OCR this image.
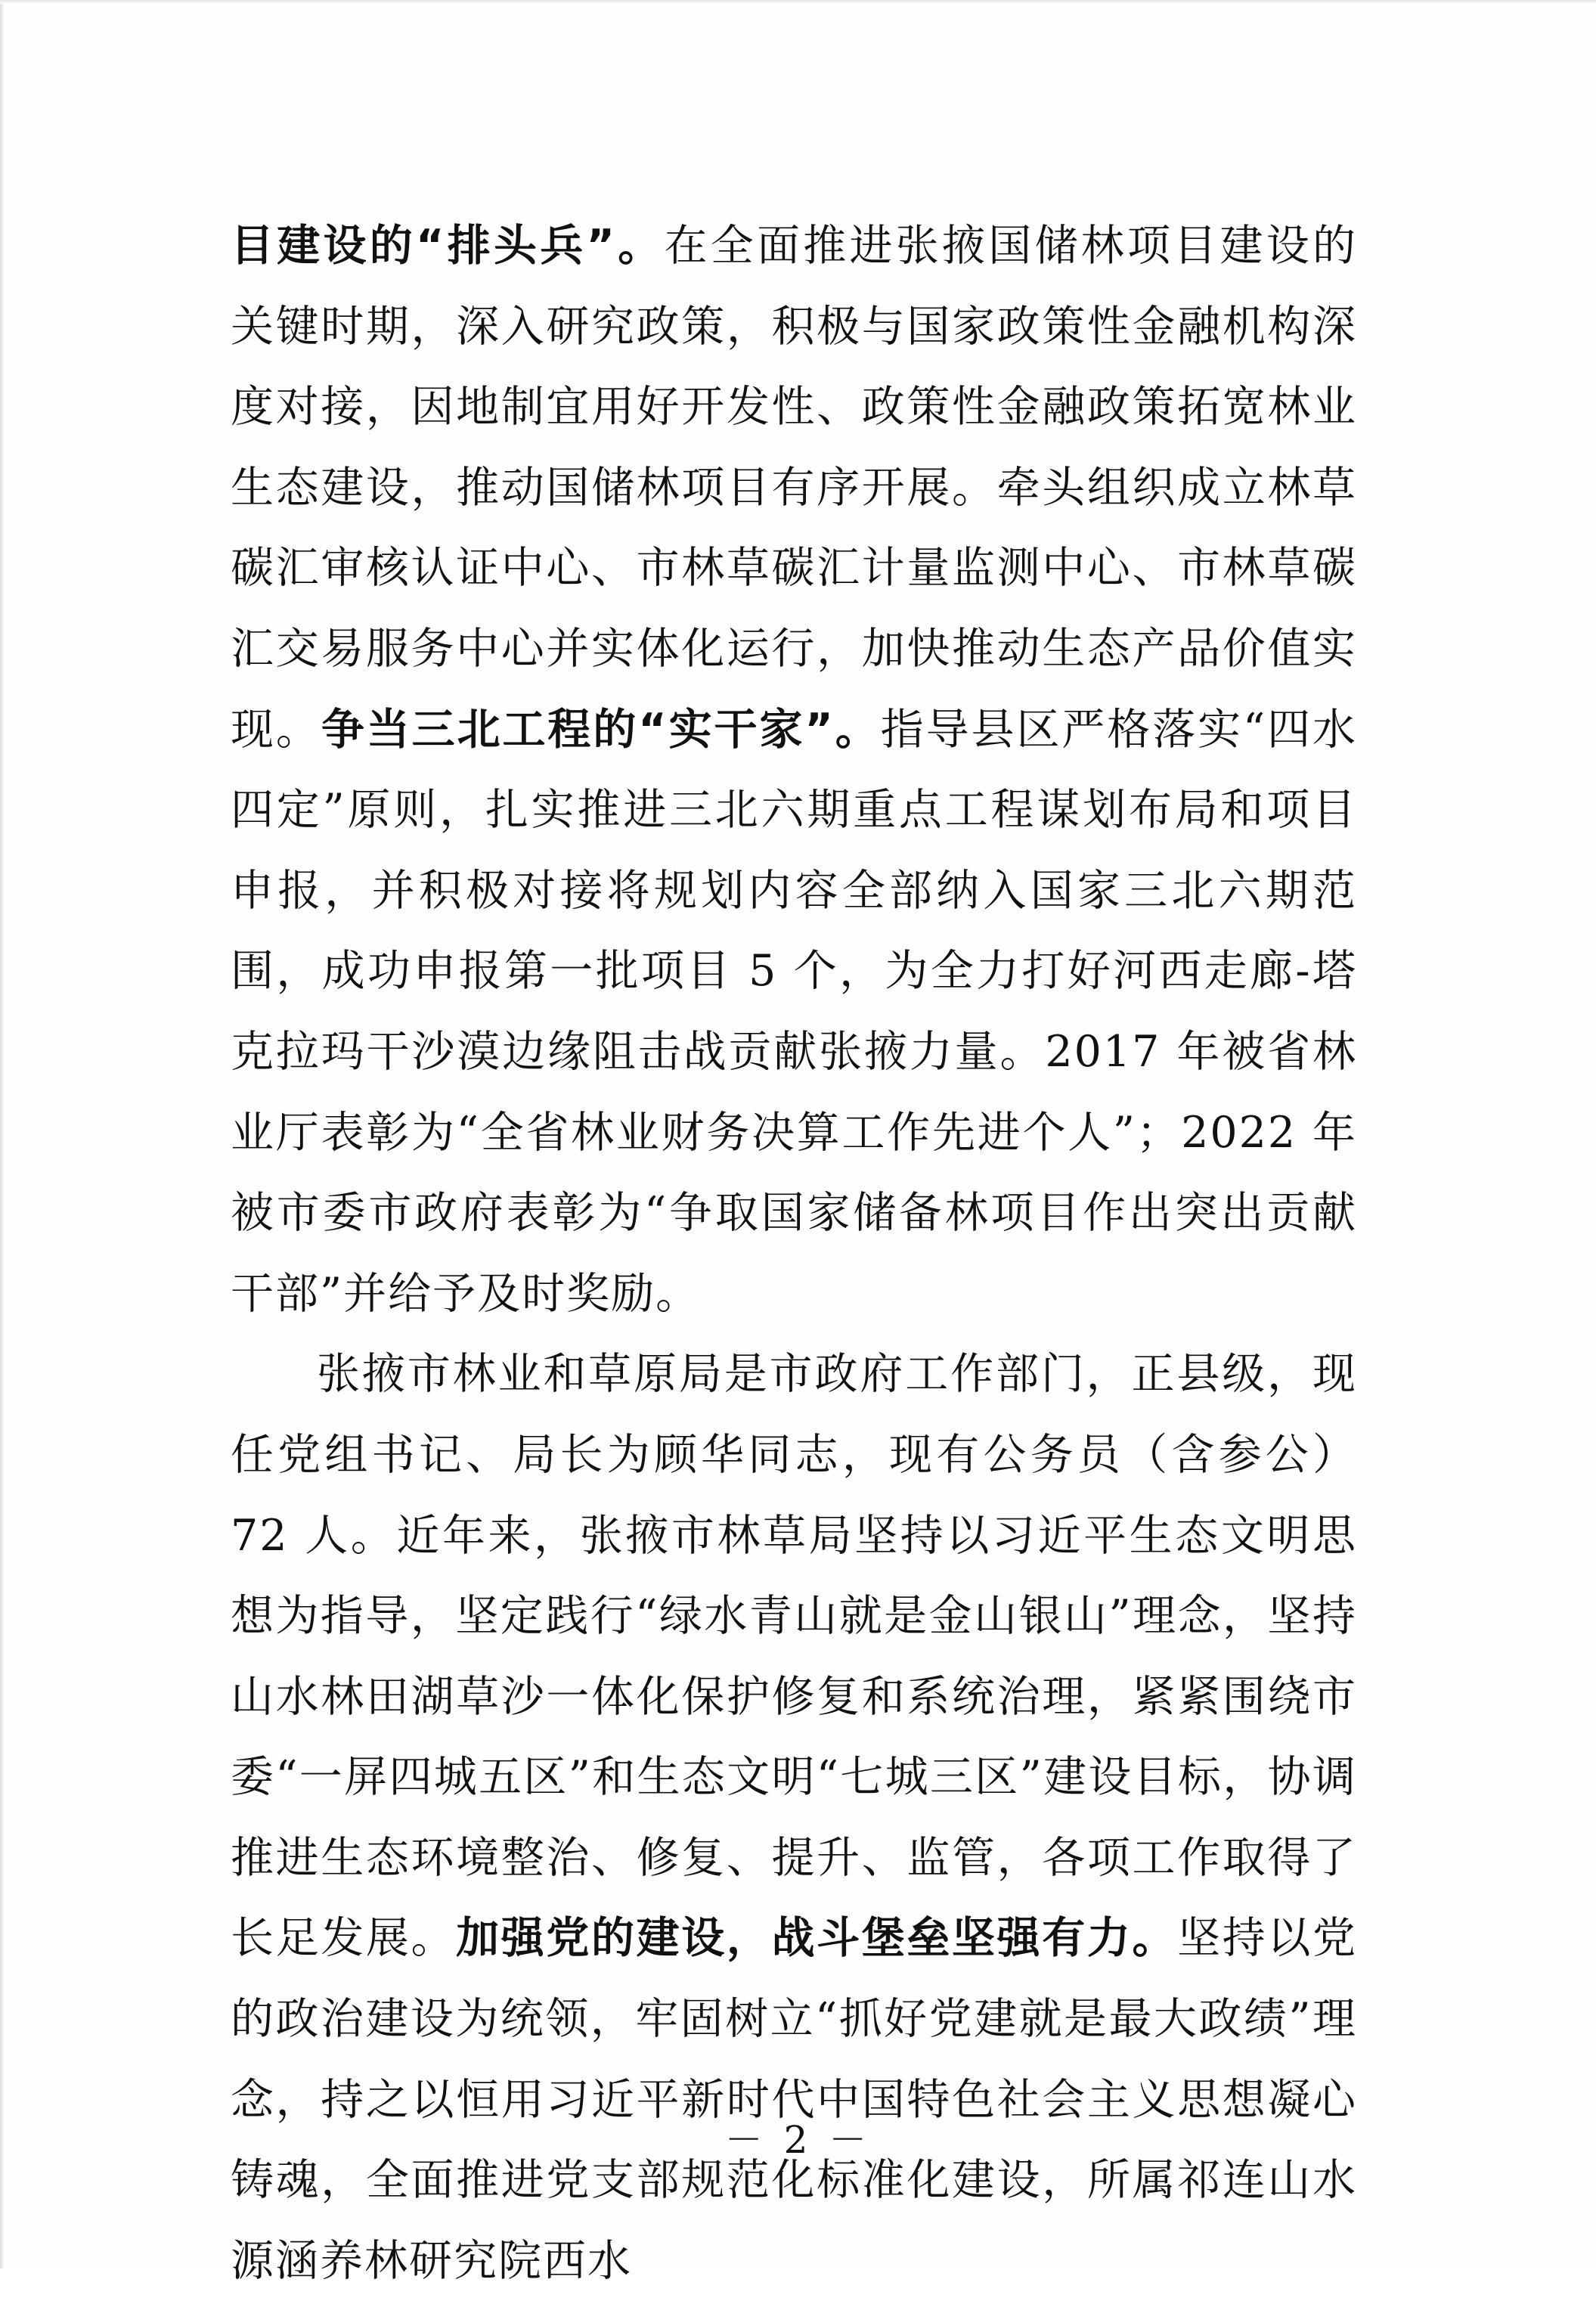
目建设的“排头兵”。在全面推进张掖国储林项目建设的关键时期，深入研究政策，积极与国家政策性金融机构深度对接，因地制宜用好开发性、政策性金融政策拓宽林业生态建设，推动国储林项目有序开展。牵头组织成立林草碳汇审核认证中心、市林草碳汇计量监测中心、市林草碳汇交易服务中心并实体化运行，加快推动生态产品价值实现。争当三北工程的“实干家”。指导县区严格落实“四水四定”原则，扎实推进三北六期重点工程谋划布局和项目申报，并积极对接将规划内容全部纳入国家三北六期范围，成功申报第一批项目 5 个，为全力打好河西走廊-塔克拉玛干沙漠边缘阻击战贡献张掖力量。2017 年被省林业厅表彰为“全省林业财务决算工作先进个人”；2022 年被市委市政府表彰为“争取国家储备林项目作出突出贡献干部”并给予及时奖励。

张掖市林业和草原局是市政府工作部门，正县级，现任党组书记、局长为顾华同志，现有公务员（含参公）72 人。近年来，张掖市林草局坚持以习近平生态文明思想为指导，坚定践行“绿水青山就是金山银山”理念，坚持山水林田湖草沙一体化保护修复和系统治理，紧紧围绕市委“一屏四城五区”和生态文明“七城三区”建设目标，协调推进生态环境整治、修复、提升、监管，各项工作取得了长足发展。加强党的建设，战斗堡垒坚强有力。坚持以党的政治建设为统领，牢固树立“抓好党建就是最大政绩”理念，持之以恒用习近平新时代中国特色社会主义思想凝心铸魂，全面推进党支部规范化标准化建设，所属祁连山水源涵养林研究院西水

－ 2 －
